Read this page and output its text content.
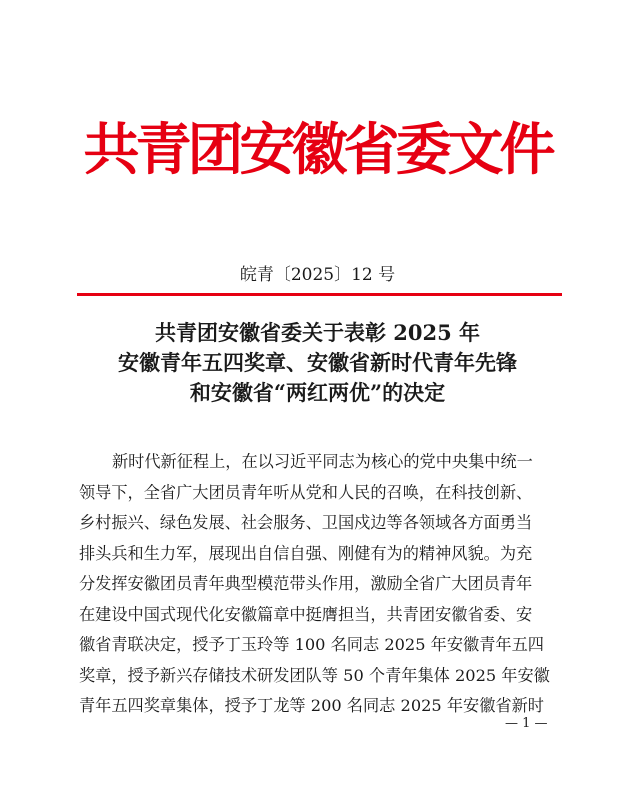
共青团安徽省委文件
皖青〔2025〕12 号
共青团安徽省委关于表彰 2025 年
安徽青年五四奖章、安徽省新时代青年先锋
和安徽省“两红两优”的决定
新时代新征程上，在以习近平同志为核心的党中央集中统一
领导下，全省广大团员青年听从党和人民的召唤，在科技创新、
乡村振兴、绿色发展、社会服务、卫国戍边等各领域各方面勇当
排头兵和生力军，展现出自信自强、刚健有为的精神风貌。为充
分发挥安徽团员青年典型模范带头作用，激励全省广大团员青年
在建设中国式现代化安徽篇章中挺膺担当，共青团安徽省委、安
徽省青联决定，授予丁玉玲等 100 名同志 2025 年安徽青年五四
奖章，授予新兴存储技术研发团队等 50 个青年集体 2025 年安徽
青年五四奖章集体，授予丁龙等 200 名同志 2025 年安徽省新时
— 1 —
